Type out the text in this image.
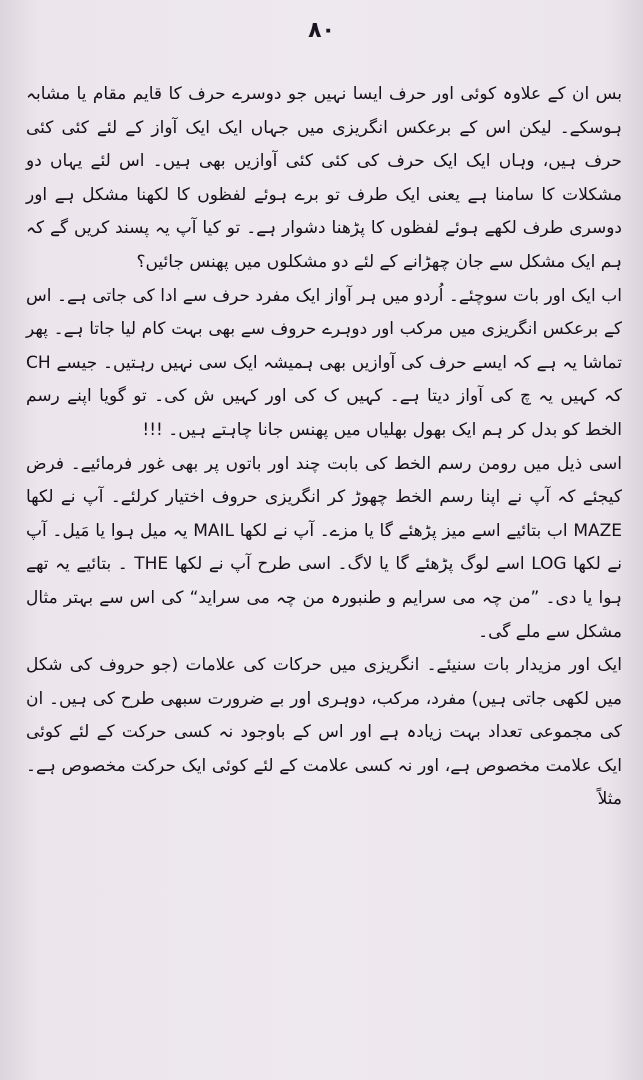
۸۰

بس ان کے علاوہ کوئی اور حرف ایسا نہیں جو دوسرے حرف کا قایم مقام یا مشابہ ہوسکے۔ لیکن اس کے برعکس انگریزی میں جہاں ایک ایک آواز کے لئے کئی کئی حرف ہیں، وہاں ایک ایک حرف کی کئی کئی آوازیں بھی ہیں۔ اس لئے یہاں دو مشکلات کا سامنا ہے یعنی ایک طرف تو برے ہوئے لفظوں کا لکھنا مشکل ہے اور دوسری طرف لکھے ہوئے لفظوں کا پڑھنا دشوار ہے۔ تو کیا آپ یہ پسند کریں گے کہ ہم ایک مشکل سے جان چھڑانے کے لئے دو مشکلوں میں پھنس جائیں؟

اب ایک اور بات سوچئے۔ اُردو میں ہر آواز ایک مفرد حرف سے ادا کی جاتی ہے۔ اس کے برعکس انگریزی میں مرکب اور دوہرے حروف سے بھی بہت کام لیا جاتا ہے۔ پھر تماشا یہ ہے کہ ایسے حرف کی آوازیں بھی ہمیشہ ایک سی نہیں رہتیں۔ جیسے CH کہ کہیں یہ چ کی آواز دیتا ہے۔ کہیں ک کی اور کہیں ش کی۔ تو گویا اپنے رسم الخط کو بدل کر ہم ایک بھول بھلیاں میں پھنس جانا چاہتے ہیں۔ !!!

اسی ذیل میں رومن رسم الخط کی بابت چند اور باتوں پر بھی غور فرمائیے۔ فرض کیجئے کہ آپ نے اپنا رسم الخط چھوڑ کر انگریزی حروف اختیار کرلئے۔ آپ نے لکھا MAZE اب بتائیے اسے میز پڑھئے گا یا مزے۔ آپ نے لکھا MAIL یہ میل ہوا یا مَیل۔ آپ نے لکھا LOG اسے لوگ پڑھئے گا یا لاگ۔ اسی طرح آپ نے لکھا THE ۔ بتائیے یہ تھے ہوا یا دی۔ ”من چہ می سرایم و طنبورہ من چہ می سراید“ کی اس سے بہتر مثال مشکل سے ملے گی۔

ایک اور مزیدار بات سنیئے۔ انگریزی میں حرکات کی علامات (جو حروف کی شکل میں لکھی جاتی ہیں) مفرد، مرکب، دوہری اور بے ضرورت سبھی طرح کی ہیں۔ ان کی مجموعی تعداد بہت زیادہ ہے اور اس کے باوجود نہ کسی حرکت کے لئے کوئی ایک علامت مخصوص ہے، اور نہ کسی علامت کے لئے کوئی ایک حرکت مخصوص ہے۔ مثلاً
